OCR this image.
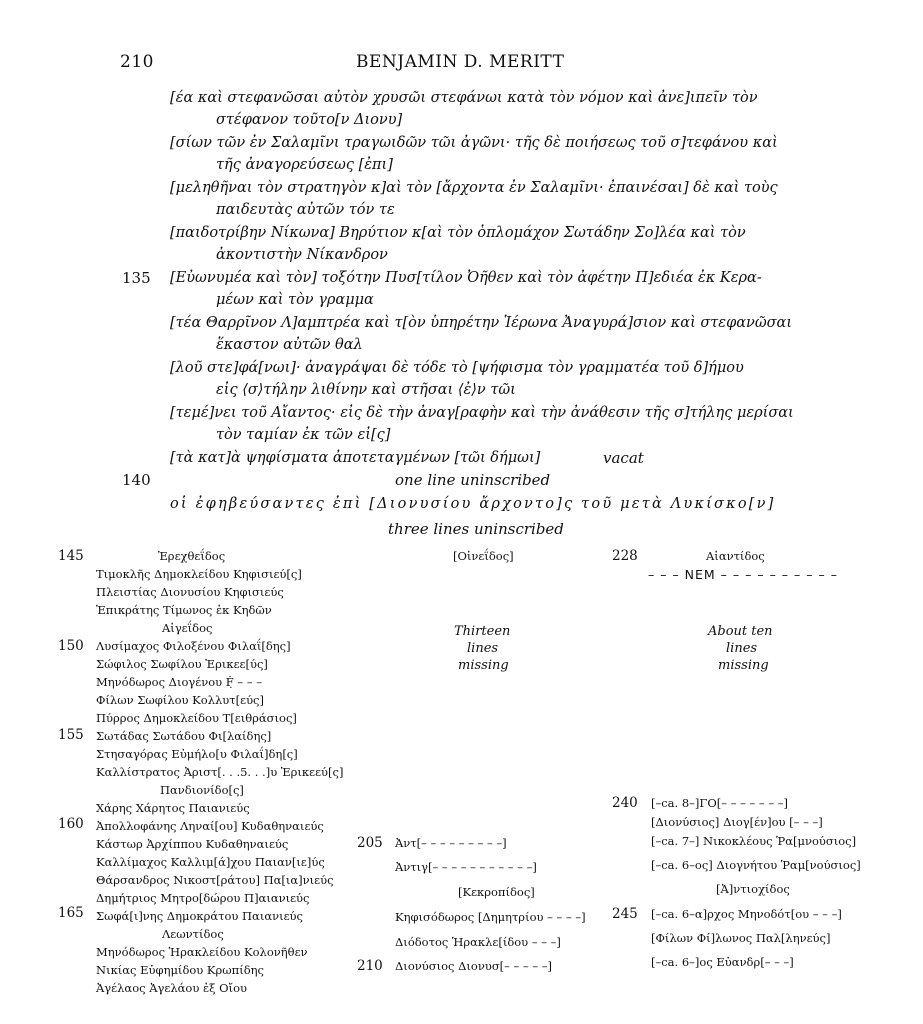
210	BENJAMIN D. MERITT
[έα καὶ στεφανῶσαι αὐτὸν χρυσῶι στεφάνωι κατὰ τὸν νόμον καὶ ἀνε]ιπεῖν τὸν
στέφανον τοῦτο[ν Διονυ]
[σίων τῶν ἐν Σαλαμῖνι τραγωιδῶν τῶι ἀγῶνι· τῆς δὲ ποιήσεως τοῦ σ]τεφάνου καὶ
τῆς ἀναγορεύσεως [ἐπι]
[μεληθῆναι τὸν στρατηγὸν κ]αὶ τὸν [ἄρχοντα ἐν Σαλαμῖνι· ἐπαινέσαι] δὲ καὶ τοὺς
παιδευτὰς αὐτῶν τόν τε
[παιδοτρίβην Νίκωνα] Βηρύτιον κ[αὶ τὸν ὁπλομάχον Σωτάδην Σο]λέα καὶ τὸν
ἀκοντιστὴν Νίκανδρον
135 [Εὐωνυμέα καὶ τὸν] τοξότην Πυσ[τίλον Ὀῆθεν καὶ τὸν ἀφέτην Π]εδιέα ἐκ Κερα-
μέων καὶ τὸν γραμμα
[τέα Θαρρῖνον Λ]αμπτρέα καὶ τ[ὸν ὑπηρέτην Ἱέρωνα Ἀναγυρά]σιον καὶ στεφανῶσαι
ἕκαστον αὐτῶν θαλ
[λοῦ στε]φά[νωι]· ἀναγράψαι δὲ τόδε τὸ [ψήφισμα τὸν γραμματέα τοῦ δ]ήμου
εἰς ⟨σ⟩τήλην λιθίνην καὶ στῆσαι ⟨ἐ⟩ν τῶι
[τεμέ]νει τοῦ Αἴαντος· εἰς δὲ τὴν ἀναγ[ραφὴν καὶ τὴν ἀνάθεσιν τῆς σ]τήλης μερίσαι
τὸν ταμίαν ἐκ τῶν εἰ[ς]
[τὰ κατ]ὰ ψηφίσματα ἀποτεταγμένων [τῶι δήμωι]	vacat
140	one line uninscribed
οἱ ἐφηβεύσαντες ἐπὶ [Διονυσίου ἄρχοντο]ς τοῦ μετὰ Λυκίσκο[ν]
three lines uninscribed
145
150
155
160
165
Ἐρεχθεΐδος
Τιμοκλῆς Δημοκλείδου Κηφισιεύ[ς]
Πλειστίας Διονυσίου Κηφισιεύς
Ἐπικράτης Τίμωνος ἐκ Κηδῶν
Αἰγεΐδος
Λυσίμαχος Φιλοξένου Φιλαΐ[δης]
Σώφιλος Σωφίλου Ἐρικεε[ύς]
Μηνόδωρος Διογένου Ḟ̣ – – –
Φίλων Σωφίλου Κολλυτ[εύς]
Πύρρος Δημοκλείδου Τ[ειθράσιος]
Σωτάδας Σωτάδου Φι[λαίδης]
Στησαγόρας Εὐμήλο[υ Φιλαΐ]δη[ς]
Καλλίστρατος Ἀριστ[. . .5. . .]υ Ἐρικεεύ[ς]
Πανδιονίδο[ς]
Χάρης Χάρητος Παιανιεύς
Ἀπολλοφάνης Ληναί[ου] Κυδαθηναιεύς
Κάστωρ Ἀρχίππου Κυδαθηναιεύς
Καλλίμαχος Καλλιμ[ά]χου Παιαν[ιε]ύς
Θάρσανδρος Νικοστ[ράτου] Πα[ια]νιεύς
Δημήτριος Μητρο[δώρου Π]αιανιεύς
Σωφά[ι]νης Δημοκράτου Παιανιεύς
Λεωντίδος
Μηνόδωρος Ἡρακλείδου Κολονῆθεν
Νικίας Εὐφημίδου Κρωπίδης
Ἀγέλαος Ἀγελάου ἐξ Οἴου
[Οἰνεΐδος]
Thirteen
lines
missing
205 Ἀντ[– – – – – – – – –]
Ἀντιγ[– – – – – – – – – – –]
[Κεκροπίδος]
Κηφισόδωρος [Δημητρίου – – – –]
Διόδοτος Ἡρακλε[ίδου – – –]
210 Διονύσιος Διονυσ[– – – – –]
228	Αἰαντίδος
– – – ΝΕΜ – – – – – – – – – –
About ten
lines
missing
240 [–ca. 8–]ΓΟ[– – – – – – –]
[Διονύσιος] Διογ[έν]ου [– – –]
[–ca. 7–] Νικοκλέους Ῥα[μνούσιος]
[–ca. 6–ος] Διογνήτου Ῥαμ[νούσιος]
[Ἀ]ντιοχίδος
245 [–ca. 6–α]ρχος Μηνοδότ[ου – – –]
[Φίλων Φί]λωνος Παλ[ληνεύς]
[–ca. 6–]ος Εὐανδρ[– – –]
